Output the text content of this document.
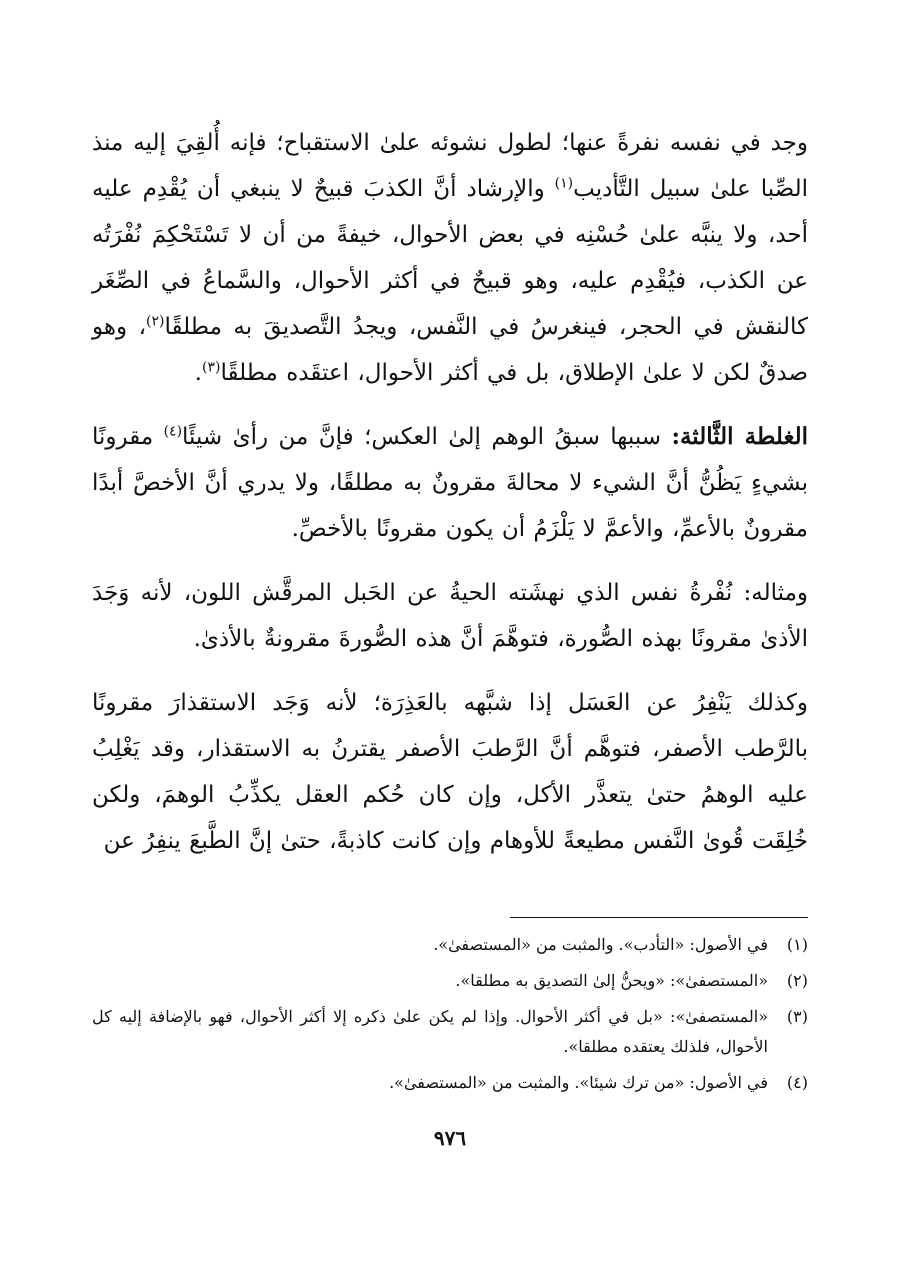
وجد في نفسه نفرةً عنها؛ لطول نشوئه علىٰ الاستقباح؛ فإنه أُلقِيَ إليه منذ الصِّبا علىٰ سبيل التَّأديب$^{(١)}$ والإرشاد أنَّ الكذبَ قبيحٌ لا ينبغي أن يُقْدِم عليه أحد، ولا ينبَّه علىٰ حُسْنِه في بعض الأحوال، خيفةً من أن لا تَسْتَحْكِمَ نُفْرَتُه عن الكذب، فيُقْدِم عليه، وهو قبيحٌ في أكثر الأحوال، والسَّماعُ في الصِّغَر كالنقش في الحجر، فينغرسُ في النَّفس، ويجدُ التَّصديقَ به مطلقًا$^{(٢)}$، وهو صدقٌ لكن لا علىٰ الإطلاق، بل في أكثر الأحوال، اعتقَده مطلقًا$^{(٣)}$.

الغلطة الثَّالثة: سببها سبقُ الوهم إلىٰ العكس؛ فإنَّ من رأىٰ شيئًا$^{(٤)}$ مقرونًا بشيءٍ يَظُنُّ أنَّ الشيء لا محالةَ مقرونٌ به مطلقًا، ولا يدري أنَّ الأخصَّ أبدًا مقرونٌ بالأعمِّ، والأعمَّ لا يَلْزَمُ أن يكون مقرونًا بالأخصِّ.

ومثاله: نُفْرةُ نفس الذي نهشَته الحيةُ عن الحَبل المرقَّش اللون، لأنه وَجَدَ الأذىٰ مقرونًا بهذه الصُّورة، فتوهَّمَ أنَّ هذه الصُّورةَ مقرونةٌ بالأذىٰ.

وكذلك يَنْفِرُ عن العَسَل إذا شبَّهه بالعَذِرَة؛ لأنه وَجَد الاستقذارَ مقرونًا بالرَّطب الأصفر، فتوهَّم أنَّ الرَّطبَ الأصفر يقترنُ به الاستقذار، وقد يَغْلِبُ عليه الوهمُ حتىٰ يتعذَّر الأكل، وإن كان حُكم العقل يكذِّبُ الوهمَ، ولكن خُلِقَت قُوىٰ النَّفس مطيعةً للأوهام وإن كانت كاذبةً، حتىٰ إنَّ الطَّبعَ ينفِرُ عن

(١)
في الأصول: «التأدب». والمثبت من «المستصفىٰ».
(٢)
«المستصفىٰ»: «ويحنُّ إلىٰ التصديق به مطلقا».
(٣)
«المستصفىٰ»: «بل في أكثر الأحوال. وإذا لم يكن علىٰ ذكره إلا أكثر الأحوال، فهو بالإضافة إليه كل الأحوال، فلذلك يعتقده مطلقا».
(٤)
في الأصول: «من ترك شيئا». والمثبت من «المستصفىٰ».
٩٧٦
